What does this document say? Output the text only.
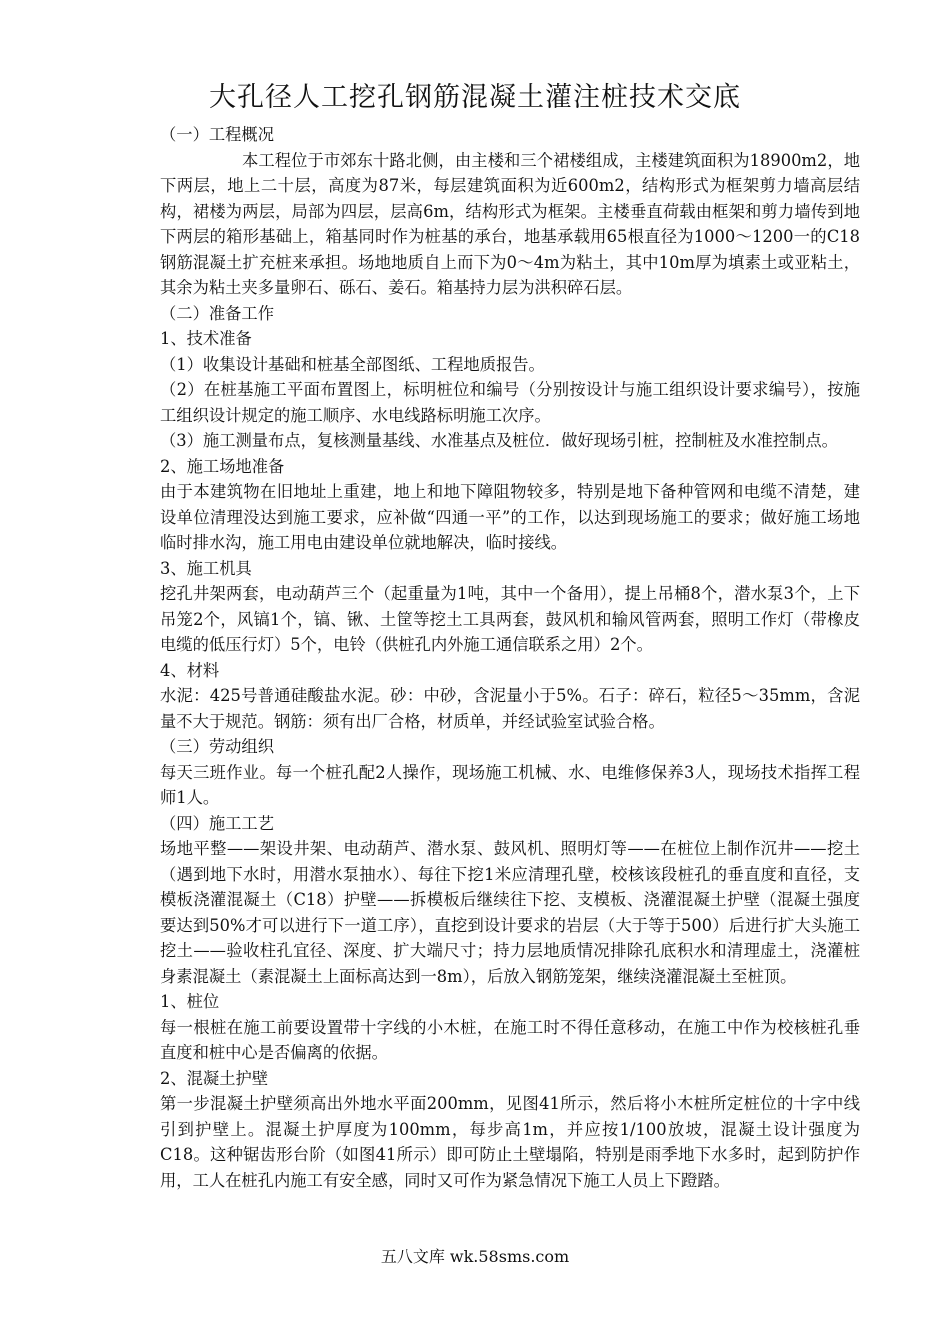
大孔径人工挖孔钢筋混凝土灌注桩技术交底

（一）工程概况

本工程位于市郊东十路北侧，由主楼和三个裙楼组成，主楼建筑面积为18900m2，地下两层，地上二十层，高度为87米，每层建筑面积为近600m2，结构形式为框架剪力墙高层结构，裙楼为两层，局部为四层，层高6m，结构形式为框架。主楼垂直荷载由框架和剪力墙传到地下两层的箱形基础上，箱基同时作为桩基的承台，地基承载用65根直径为1000～1200一的C18钢筋混凝土扩充桩来承担。场地地质自上而下为0～4m为粘土，其中10m厚为填素土或亚粘土，其余为粘土夹多量卵石、砾石、姜石。箱基持力层为洪积碎石层。

（二）准备工作

1、技术准备

（1）收集设计基础和桩基全部图纸、工程地质报告。

（2）在桩基施工平面布置图上，标明桩位和编号（分别按设计与施工组织设计要求编号），按施工组织设计规定的施工顺序、水电线路标明施工次序。

（3）施工测量布点，复核测量基线、水准基点及桩位．做好现场引桩，控制桩及水准控制点。

2、施工场地准备

由于本建筑物在旧地址上重建，地上和地下障阻物较多，特别是地下备种管网和电缆不清楚，建设单位清理没达到施工要求，应补做“四通一平”的工作，以达到现场施工的要求；做好施工场地临时排水沟，施工用电由建设单位就地解决，临时接线。

3、施工机具

挖孔井架两套，电动葫芦三个（起重量为1吨，其中一个备用），提上吊桶8个，潜水泵3个，上下吊笼2个，风镐1个，镐、锹、土筐等挖土工具两套，鼓风机和输风管两套，照明工作灯（带橡皮电缆的低压行灯）5个，电铃（供桩孔内外施工通信联系之用）2个。

4、材料

水泥：425号普通硅酸盐水泥。砂：中砂，含泥量小于5%。石子：碎石，粒径5～35mm，含泥量不大于规范。钢筋：须有出厂合格，材质单，并经试验室试验合格。

（三）劳动组织

每天三班作业。每一个桩孔配2人操作，现场施工机械、水、电维修保养3人，现场技术指挥工程师1人。

（四）施工工艺

场地平整——架设井架、电动葫芦、潜水泵、鼓风机、照明灯等——在桩位上制作沉井——挖土（遇到地下水时，用潜水泵抽水）、每往下挖1米应清理孔壁，校核该段桩孔的垂直度和直径，支模板浇灌混凝土（C18）护壁——拆模板后继续往下挖、支模板、浇灌混凝土护壁（混凝土强度要达到50%才可以进行下一道工序），直挖到设计要求的岩层（大于等于500）后进行扩大头施工挖土——验收柱孔宜径、深度、扩大端尺寸；持力层地质情况排除孔底积水和清理虚土，浇灌桩身素混凝土（素混凝土上面标高达到一8m），后放入钢筋笼架，继续浇灌混凝土至桩顶。

1、桩位

每一根桩在施工前要设置带十字线的小木桩，在施工时不得任意移动，在施工中作为校核桩孔垂直度和桩中心是否偏离的依据。

2、混凝土护壁

第一步混凝土护壁须高出外地水平面200mm，见图41所示，然后将小木桩所定桩位的十字中线引到护壁上。混凝土护厚度为100mm，每步高1m，并应按1/100放坡，混凝土设计强度为C18。这种锯齿形台阶（如图41所示）即可防止土壁塌陷，特别是雨季地下水多时，起到防护作用，工人在桩孔内施工有安全感，同时又可作为紧急情况下施工人员上下蹬踏。

五八文库 wk.58sms.com
